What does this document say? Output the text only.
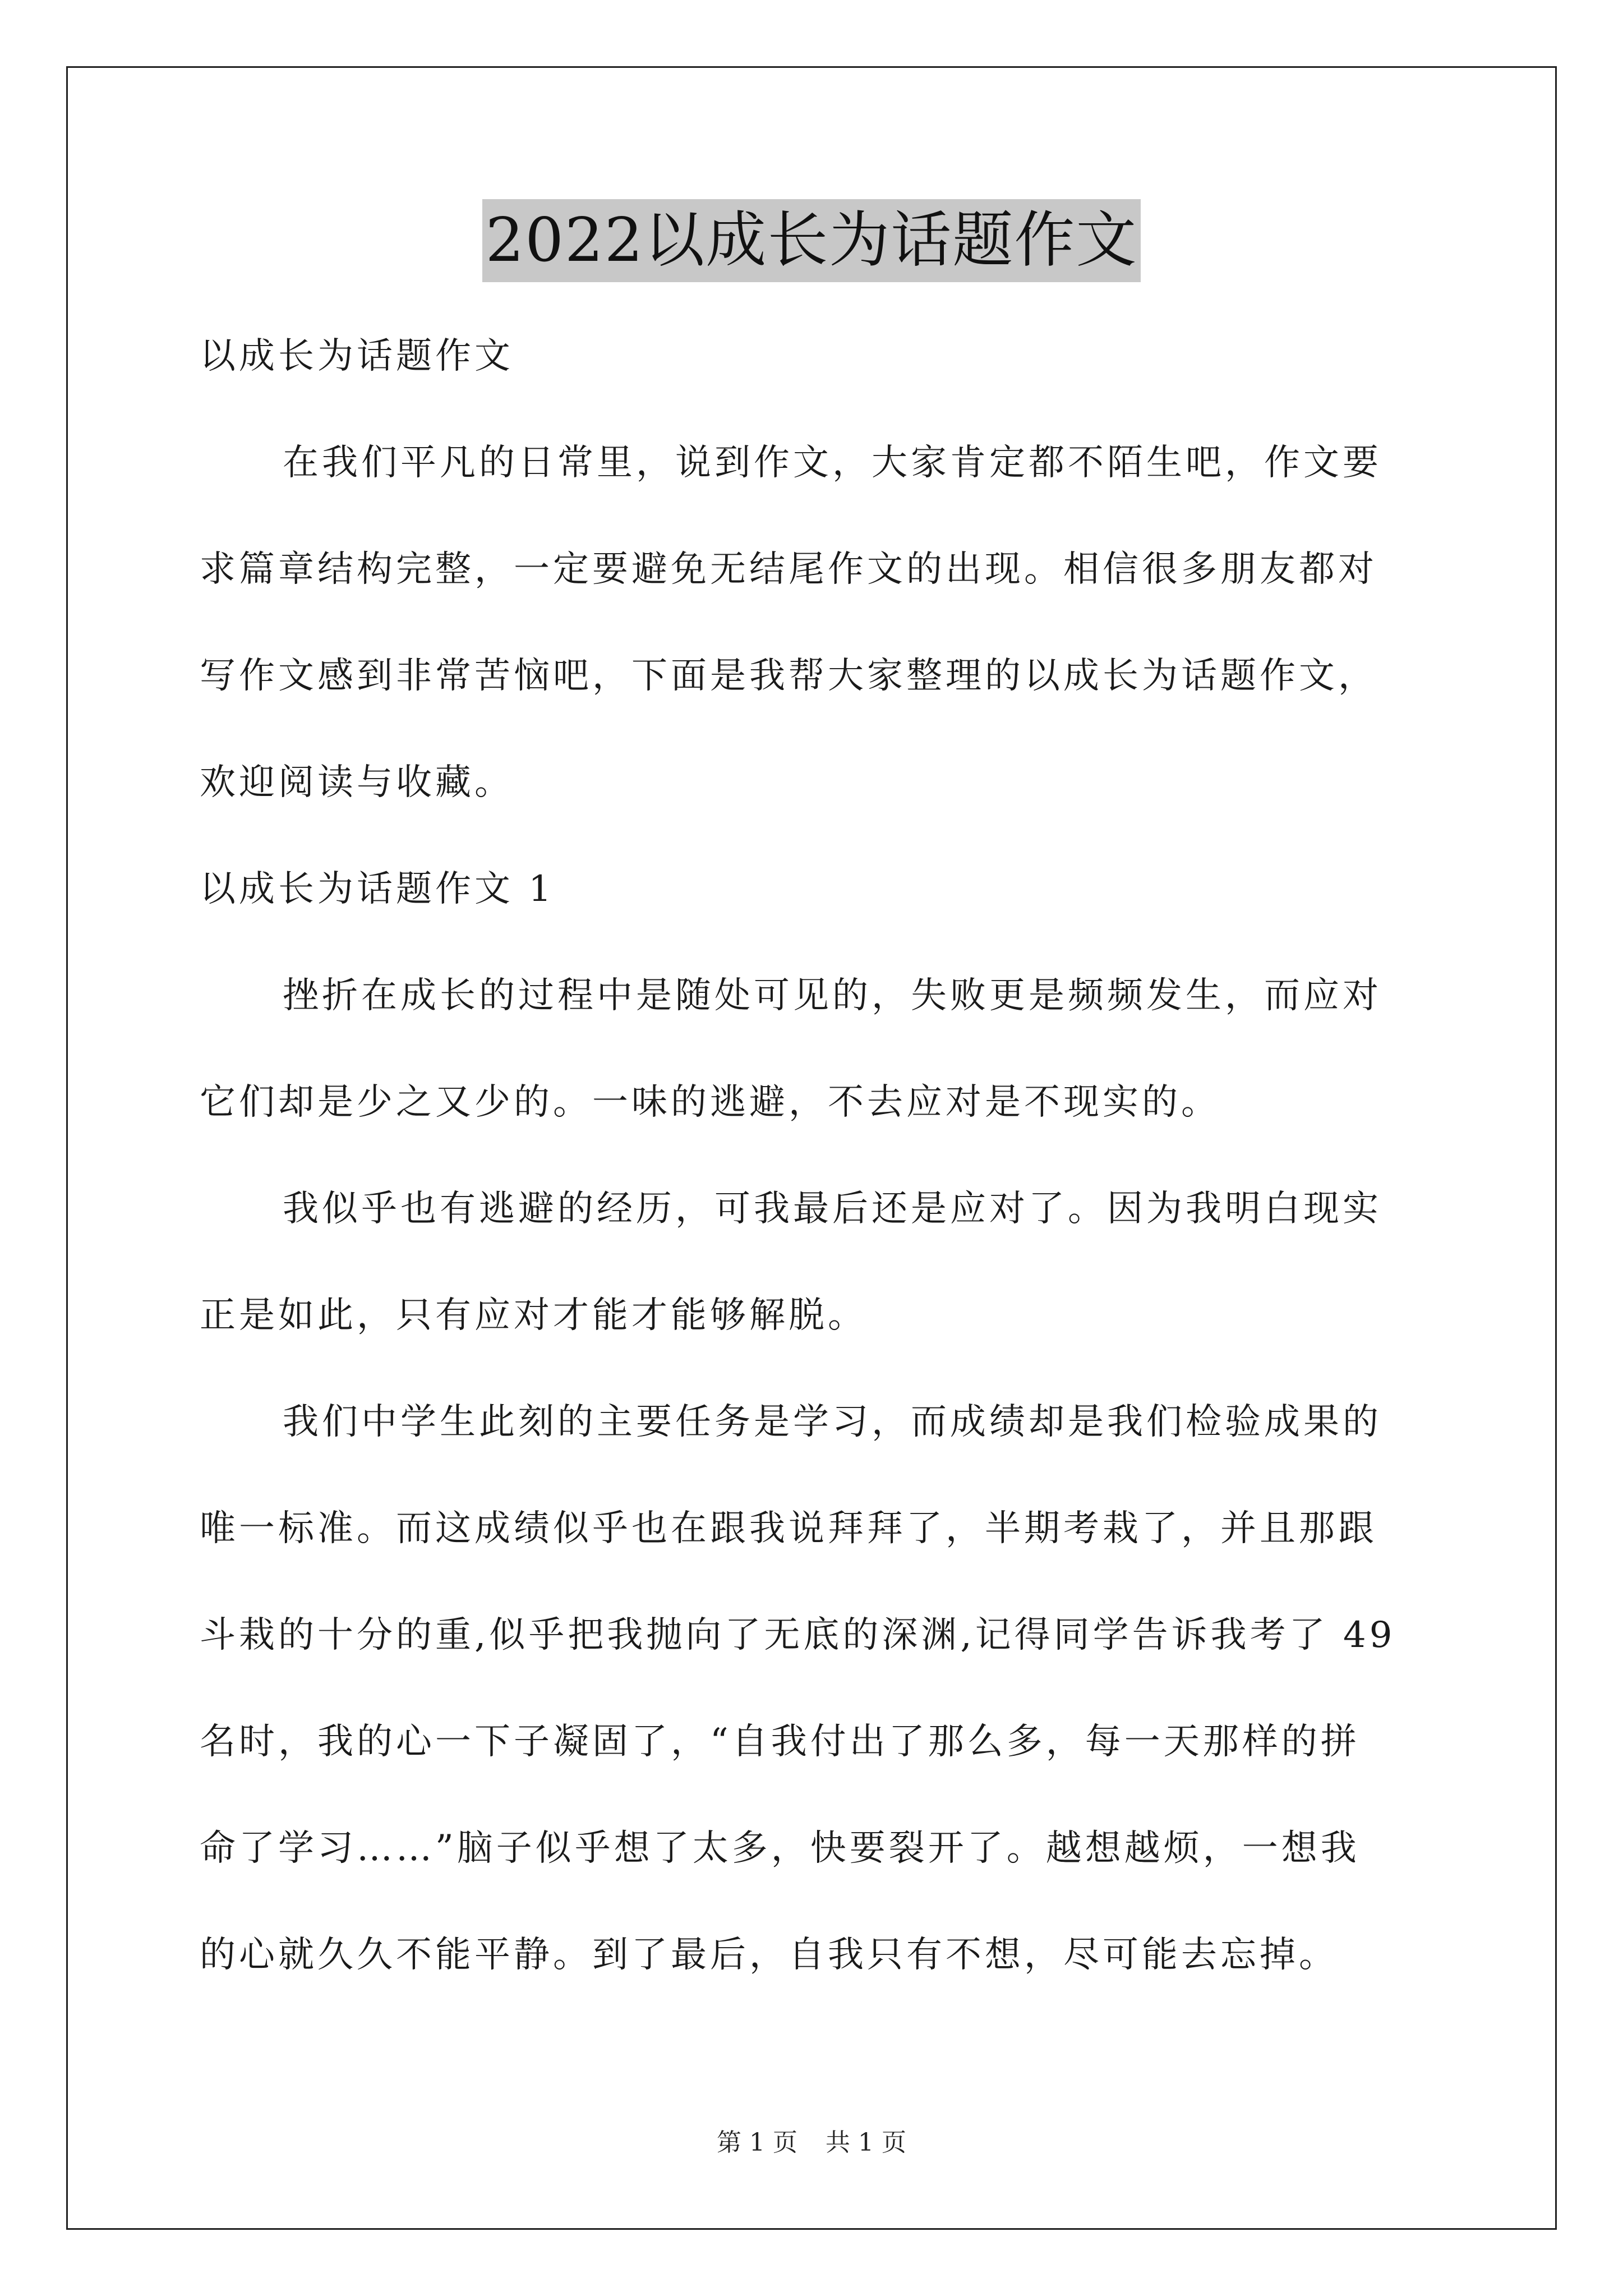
2022以成长为话题作文
以成长为话题作文
在我们平凡的日常里，说到作文，大家肯定都不陌生吧，作文要
求篇章结构完整，一定要避免无结尾作文的出现。相信很多朋友都对
写作文感到非常苦恼吧，下面是我帮大家整理的以成长为话题作文，
欢迎阅读与收藏。
以成长为话题作文 1
挫折在成长的过程中是随处可见的，失败更是频频发生，而应对
它们却是少之又少的。一味的逃避，不去应对是不现实的。
我似乎也有逃避的经历，可我最后还是应对了。因为我明白现实
正是如此，只有应对才能才能够解脱。
我们中学生此刻的主要任务是学习，而成绩却是我们检验成果的
唯一标准。而这成绩似乎也在跟我说拜拜了，半期考栽了，并且那跟
斗栽的十分的重,似乎把我抛向了无底的深渊,记得同学告诉我考了 49
名时，我的心一下子凝固了，“自我付出了那么多，每一天那样的拼
命了学习……”脑子似乎想了太多，快要裂开了。越想越烦，一想我
的心就久久不能平静。到了最后，自我只有不想，尽可能去忘掉。
第 1 页 共 1 页
